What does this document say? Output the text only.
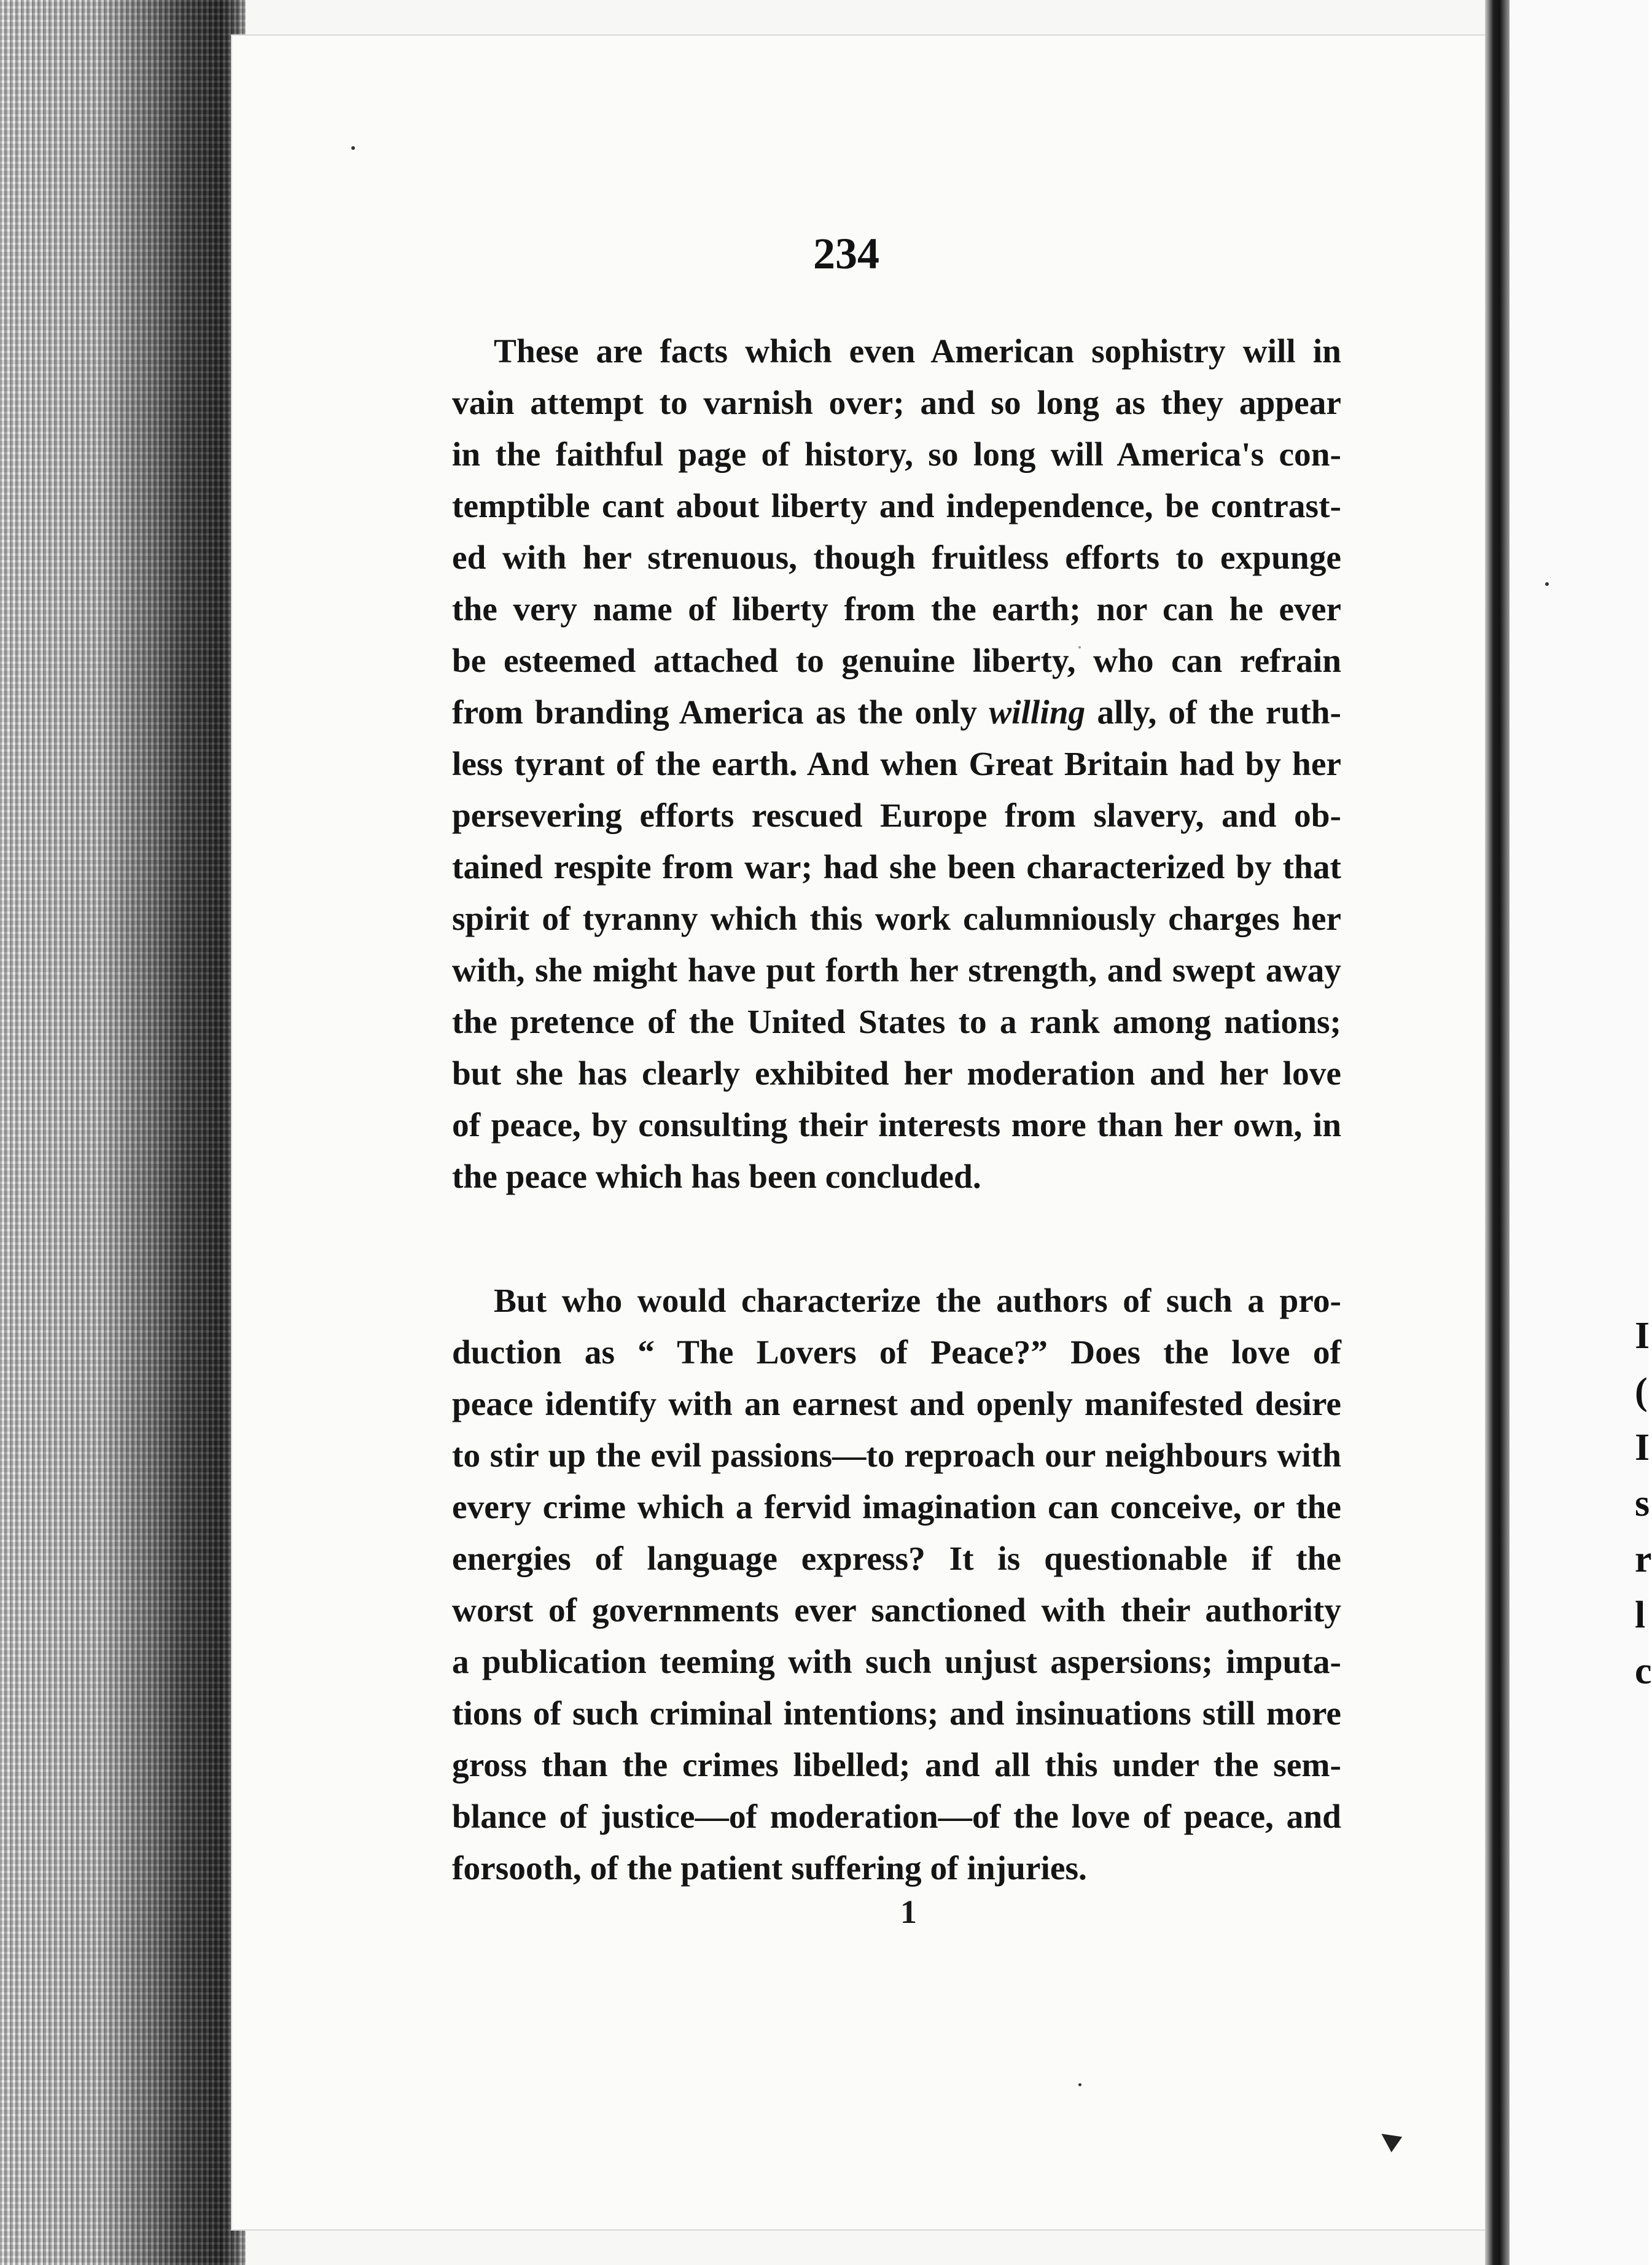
I
(
I
s
r
l
c
234

These are facts which even American sophistry will in

vain attempt to varnish over; and so long as they appear

in the faithful page of history, so long will America's con-

temptible cant about liberty and independence, be contrast-

ed with her strenuous, though fruitless efforts to expunge

the very name of liberty from the earth; nor can he ever

be esteemed attached to genuine liberty, who can refrain

from branding America as the only willing ally, of the ruth-

less tyrant of the earth. And when Great Britain had by her

persevering efforts rescued Europe from slavery, and ob-

tained respite from war; had she been characterized by that

spirit of tyranny which this work calumniously charges her

with, she might have put forth her strength, and swept away

the pretence of the United States to a rank among nations;

but she has clearly exhibited her moderation and her love

of peace, by consulting their interests more than her own, in

the peace which has been concluded.

But who would characterize the authors of such a pro-

duction as “ The Lovers of Peace?” Does the love of

peace identify with an earnest and openly manifested desire

to stir up the evil passions—to reproach our neighbours with

every crime which a fervid imagination can conceive, or the

energies of language express? It is questionable if the

worst of governments ever sanctioned with their authority

a publication teeming with such unjust aspersions; imputa-

tions of such criminal intentions; and insinuations still more

gross than the crimes libelled; and all this under the sem-

blance of justice—of moderation—of the love of peace, and

forsooth, of the patient suffering of injuries.

1
◀
